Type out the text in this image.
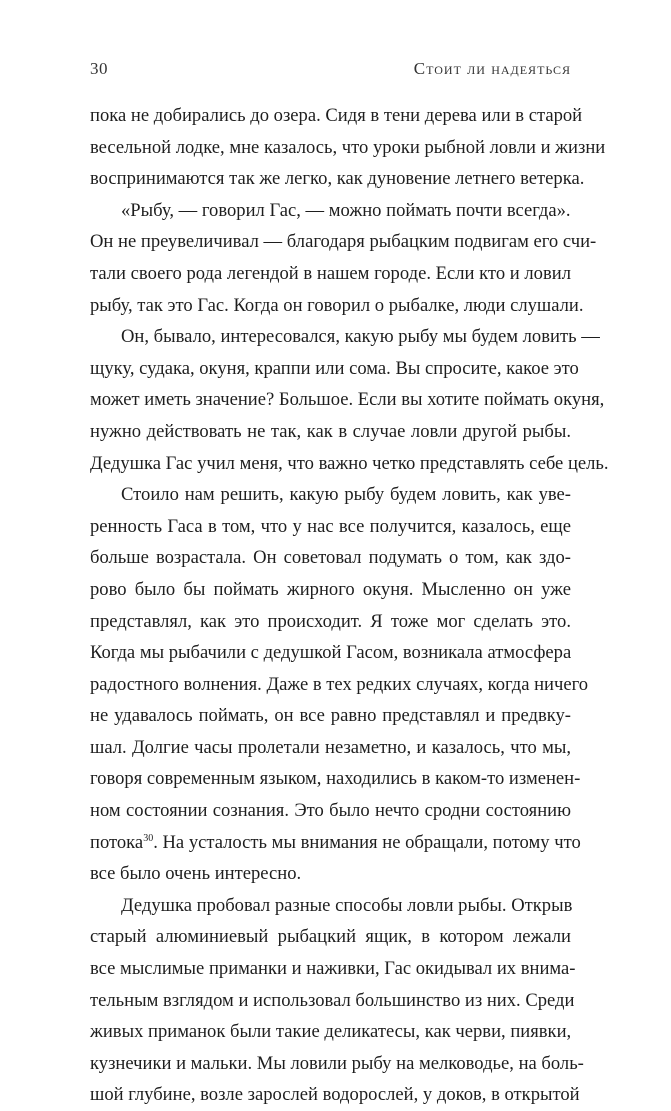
30	Стоит ли надеяться
пока не добирались до озера. Сидя в тени дерева или в старой
весельной лодке, мне казалось, что уроки рыбной ловли и жизни
воспринимаются так же легко, как дуновение летнего ветерка.
«Рыбу, — говорил Гас, — можно поймать почти всегда».
Он не преувеличивал — благодаря рыбацким подвигам его счи-
тали своего рода легендой в нашем городе. Если кто и ловил
рыбу, так это Гас. Когда он говорил о рыбалке, люди слушали.
Он, бывало, интересовался, какую рыбу мы будем ловить —
щуку, судака, окуня, краппи или сома. Вы спросите, какое это
может иметь значение? Большое. Если вы хотите поймать окуня,
нужно действовать не так, как в случае ловли другой рыбы.
Дедушка Гас учил меня, что важно четко представлять себе цель.
Стоило нам решить, какую рыбу будем ловить, как уве-
ренность Гаса в том, что у нас все получится, казалось, еще
больше возрастала. Он советовал подумать о том, как здо-
рово было бы поймать жирного окуня. Мысленно он уже
представлял, как это происходит. Я тоже мог сделать это.
Когда мы рыбачили с дедушкой Гасом, возникала атмосфера
радостного волнения. Даже в тех редких случаях, когда ничего
не удавалось поймать, он все равно представлял и предвку-
шал. Долгие часы пролетали незаметно, и казалось, что мы,
говоря современным языком, находились в каком-то изменен-
ном состоянии сознания. Это было нечто сродни состоянию
потока$^{30}$. На усталость мы внимания не обращали, потому что
все было очень интересно.
Дедушка пробовал разные способы ловли рыбы. Открыв
старый алюминиевый рыбацкий ящик, в котором лежали
все мыслимые приманки и наживки, Гас окидывал их внима-
тельным взглядом и использовал большинство из них. Среди
живых приманок были такие деликатесы, как черви, пиявки,
кузнечики и мальки. Мы ловили рыбу на мелководье, на боль-
шой глубине, возле зарослей водорослей, у доков, в открытой
